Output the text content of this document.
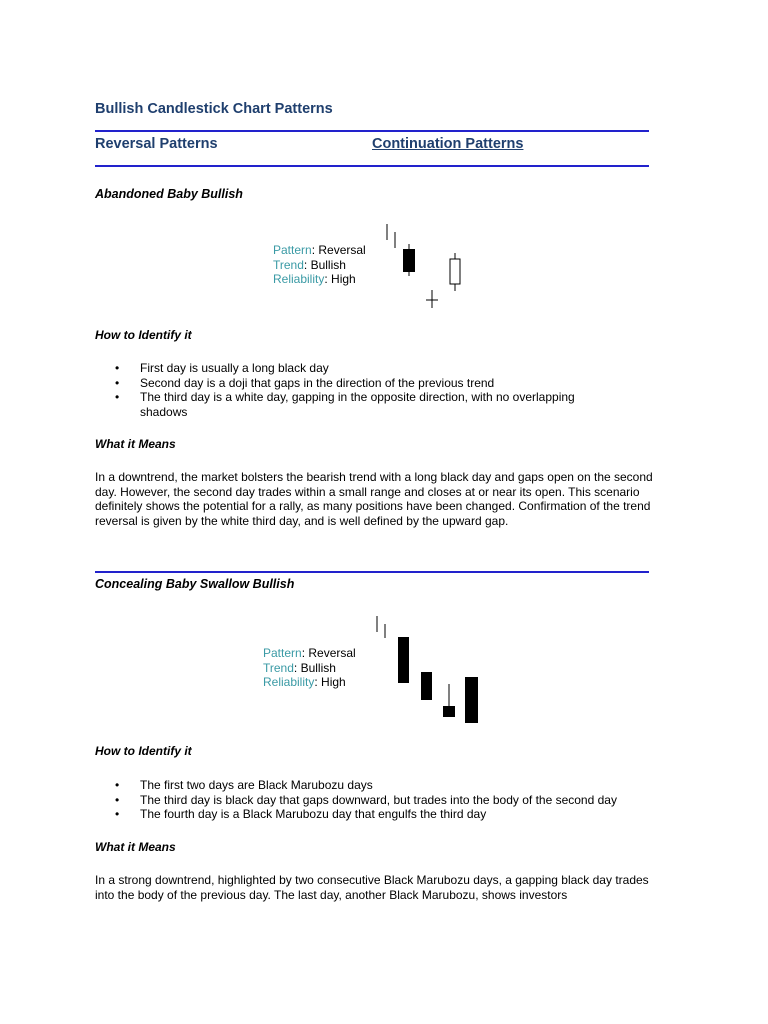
Bullish Candlestick Chart Patterns
Reversal Patterns	Continuation Patterns
Abandoned Baby Bullish
Pattern: Reversal
Trend: Bullish
Reliability: High
How to Identify it
• First day is usually a long black day
• Second day is a doji that gaps in the direction of the previous trend
• The third day is a white day, gapping in the opposite direction, with no overlapping shadows
What it Means
In a downtrend, the market bolsters the bearish trend with a long black day and gaps open on the second day. However, the second day trades within a small range and closes at or near its open. This scenario definitely shows the potential for a rally, as many positions have been changed. Confirmation of the trend reversal is given by the white third day, and is well defined by the upward gap.
Concealing Baby Swallow Bullish
Pattern: Reversal
Trend: Bullish
Reliability: High
How to Identify it
• The first two days are Black Marubozu days
• The third day is black day that gaps downward, but trades into the body of the second day
• The fourth day is a Black Marubozu day that engulfs the third day
What it Means
In a strong downtrend, highlighted by two consecutive Black Marubozu days, a gapping black day trades into the body of the previous day. The last day, another Black Marubozu, shows investors
